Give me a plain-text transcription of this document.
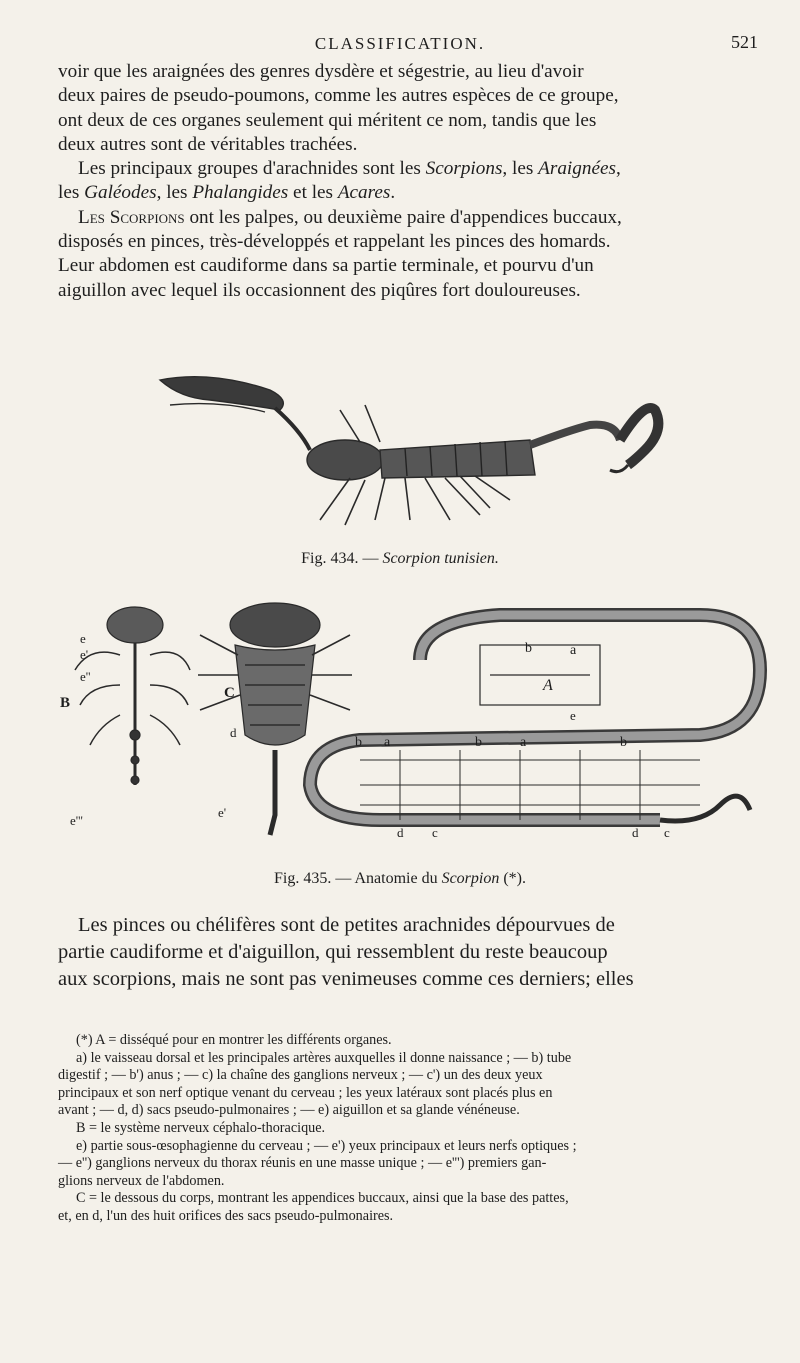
CLASSIFICATION.	521

voir que les araignées des genres dysdère et ségestrie, au lieu d'avoir

deux paires de pseudo-poumons, comme les autres espèces de ce groupe,

ont deux de ces organes seulement qui méritent ce nom, tandis que les

deux autres sont de véritables trachées.

Les principaux groupes d'arachnides sont les Scorpions, les Araignées,

les Galéodes, les Phalangides et les Acares.

Les Scorpions ont les palpes, ou deuxième paire d'appendices buccaux,

disposés en pinces, très-développés et rappelant les pinces des homards.

Leur abdomen est caudiforme dans sa partie terminale, et pourvu d'un

aiguillon avec lequel ils occasionnent des piqûres fort douloureuses.

Fig. 434. — Scorpion tunisien.
e
e'
e''
B
C
d
e'
e'''
b	a
A
e
b a	b	a	b
d c	d c
Fig. 435. — Anatomie du Scorpion (*).

Les pinces ou chélifères sont de petites arachnides dépourvues de

partie caudiforme et d'aiguillon, qui ressemblent du reste beaucoup

aux scorpions, mais ne sont pas venimeuses comme ces derniers; elles

(*) A = disséqué pour en montrer les différents organes.

a) le vaisseau dorsal et les principales artères auxquelles il donne naissance ; — b) tube

digestif ; — b') anus ; — c) la chaîne des ganglions nerveux ; — c') un des deux yeux

principaux et son nerf optique venant du cerveau ; les yeux latéraux sont placés plus en

avant ; — d, d) sacs pseudo-pulmonaires ; — e) aiguillon et sa glande vénéneuse.

B = le système nerveux céphalo-thoracique.

e) partie sous-œsophagienne du cerveau ; — e') yeux principaux et leurs nerfs optiques ;

— e'') ganglions nerveux du thorax réunis en une masse unique ; — e''') premiers gan-

glions nerveux de l'abdomen.

C = le dessous du corps, montrant les appendices buccaux, ainsi que la base des pattes,

et, en d, l'un des huit orifices des sacs pseudo-pulmonaires.
